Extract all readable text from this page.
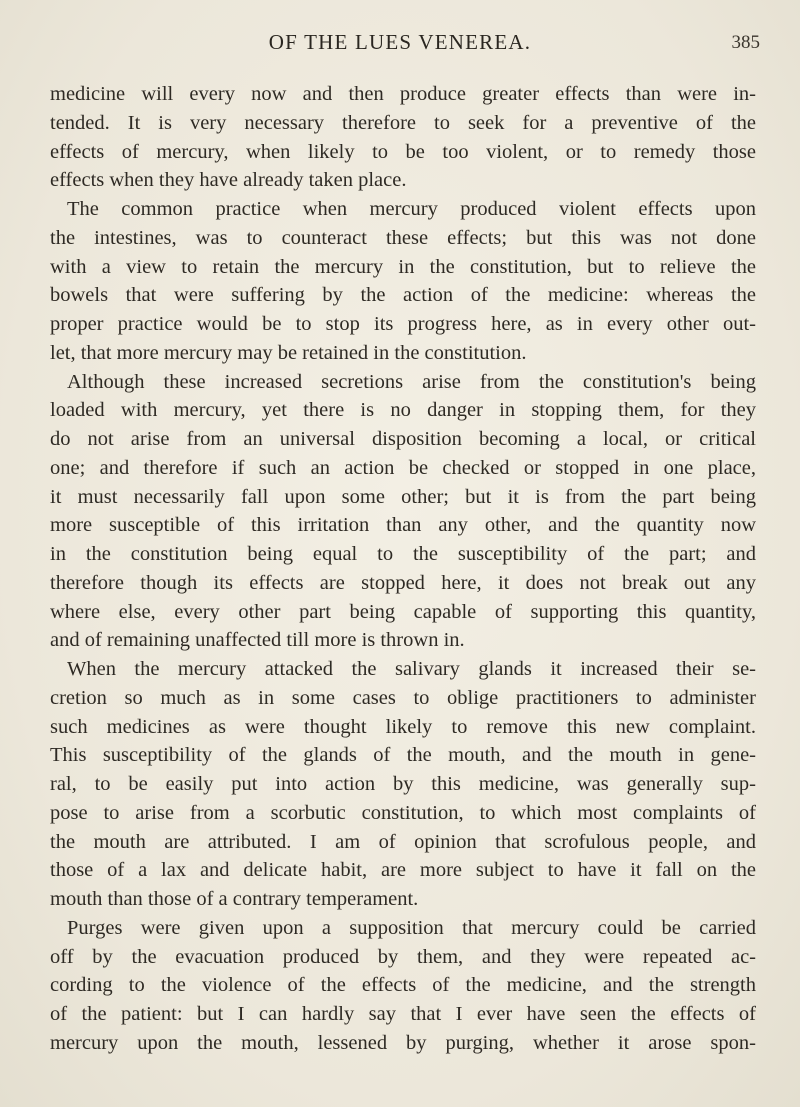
OF THE LUES VENEREA.	385
medicine will every now and then produce greater effects than were in-
tended. It is very necessary therefore to seek for a preventive of the
effects of mercury, when likely to be too violent, or to remedy those
effects when they have already taken place.
The common practice when mercury produced violent effects upon
the intestines, was to counteract these effects; but this was not done
with a view to retain the mercury in the constitution, but to relieve the
bowels that were suffering by the action of the medicine: whereas the
proper practice would be to stop its progress here, as in every other out-
let, that more mercury may be retained in the constitution.
Although these increased secretions arise from the constitution's being
loaded with mercury, yet there is no danger in stopping them, for they
do not arise from an universal disposition becoming a local, or critical
one; and therefore if such an action be checked or stopped in one place,
it must necessarily fall upon some other; but it is from the part being
more susceptible of this irritation than any other, and the quantity now
in the constitution being equal to the susceptibility of the part; and
therefore though its effects are stopped here, it does not break out any
where else, every other part being capable of supporting this quantity,
and of remaining unaffected till more is thrown in.
When the mercury attacked the salivary glands it increased their se-
cretion so much as in some cases to oblige practitioners to administer
such medicines as were thought likely to remove this new complaint.
This susceptibility of the glands of the mouth, and the mouth in gene-
ral, to be easily put into action by this medicine, was generally sup-
pose to arise from a scorbutic constitution, to which most complaints of
the mouth are attributed. I am of opinion that scrofulous people, and
those of a lax and delicate habit, are more subject to have it fall on the
mouth than those of a contrary temperament.
Purges were given upon a supposition that mercury could be carried
off by the evacuation produced by them, and they were repeated ac-
cording to the violence of the effects of the medicine, and the strength
of the patient: but I can hardly say that I ever have seen the effects of
mercury upon the mouth, lessened by purging, whether it arose spon-
